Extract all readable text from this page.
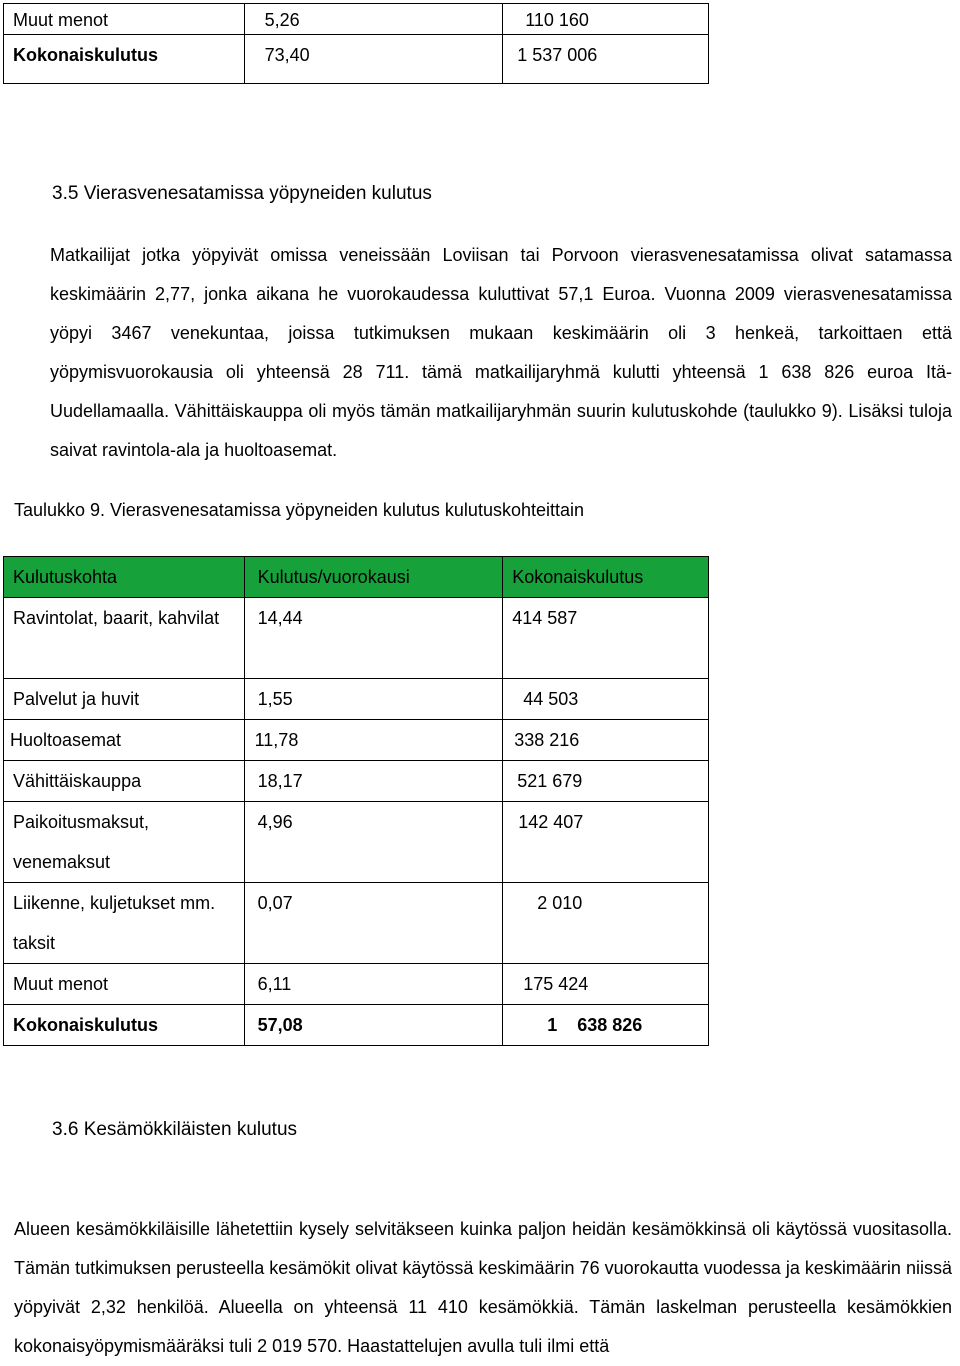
Muut menot	5,26	110 160
Kokonaiskulutus	73,40	1 537 006
3.5 Vierasvenesatamissa yöpyneiden kulutus
Matkailijat jotka yöpyivät omissa veneissään Loviisan tai Porvoon vierasvenesatamissa olivat satamassa keskimäärin 2,77, jonka aikana he vuorokaudessa kuluttivat 57,1 Euroa. Vuonna 2009 vierasvenesatamissa yöpyi 3467 venekuntaa, joissa tutkimuksen mukaan keskimäärin oli 3 henkeä, tarkoittaen että yöpymisvuorokausia oli yhteensä 28 711. tämä matkailijaryhmä kulutti yhteensä 1 638 826 euroa Itä-Uudellamaalla. Vähittäiskauppa oli myös tämän matkailijaryhmän suurin kulutuskohde (taulukko 9). Lisäksi tuloja saivat ravintola-ala ja huoltoasemat.
Taulukko 9. Vierasvenesatamissa yöpyneiden kulutus kulutuskohteittain
Kulutuskohta	Kulutus/vuorokausi	Kokonaiskulutus
Ravintolat, baarit, kahvilat	14,44	414 587
Palvelut ja huvit	1,55	44 503
Huoltoasemat	11,78	338 216
Vähittäiskauppa	18,17	521 679
Paikoitusmaksut, venemaksut	4,96	142 407
Liikenne, kuljetukset mm. taksit	0,07	2 010
Muut menot	6,11	175 424
Kokonaiskulutus	57,08	1    638 826
3.6 Kesämökkiläisten kulutus
Alueen kesämökkiläisille lähetettiin kysely selvitäkseen kuinka paljon heidän kesämökkinsä oli käytössä vuositasolla. Tämän tutkimuksen perusteella kesämökit olivat käytössä keskimäärin 76 vuorokautta vuodessa ja keskimäärin niissä yöpyivät 2,32 henkilöä. Alueella on yhteensä 11 410 kesämökkiä. Tämän laskelman perusteella kesämökkien kokonaisyöpymismääräksi tuli 2 019 570. Haastattelujen avulla tuli ilmi että
